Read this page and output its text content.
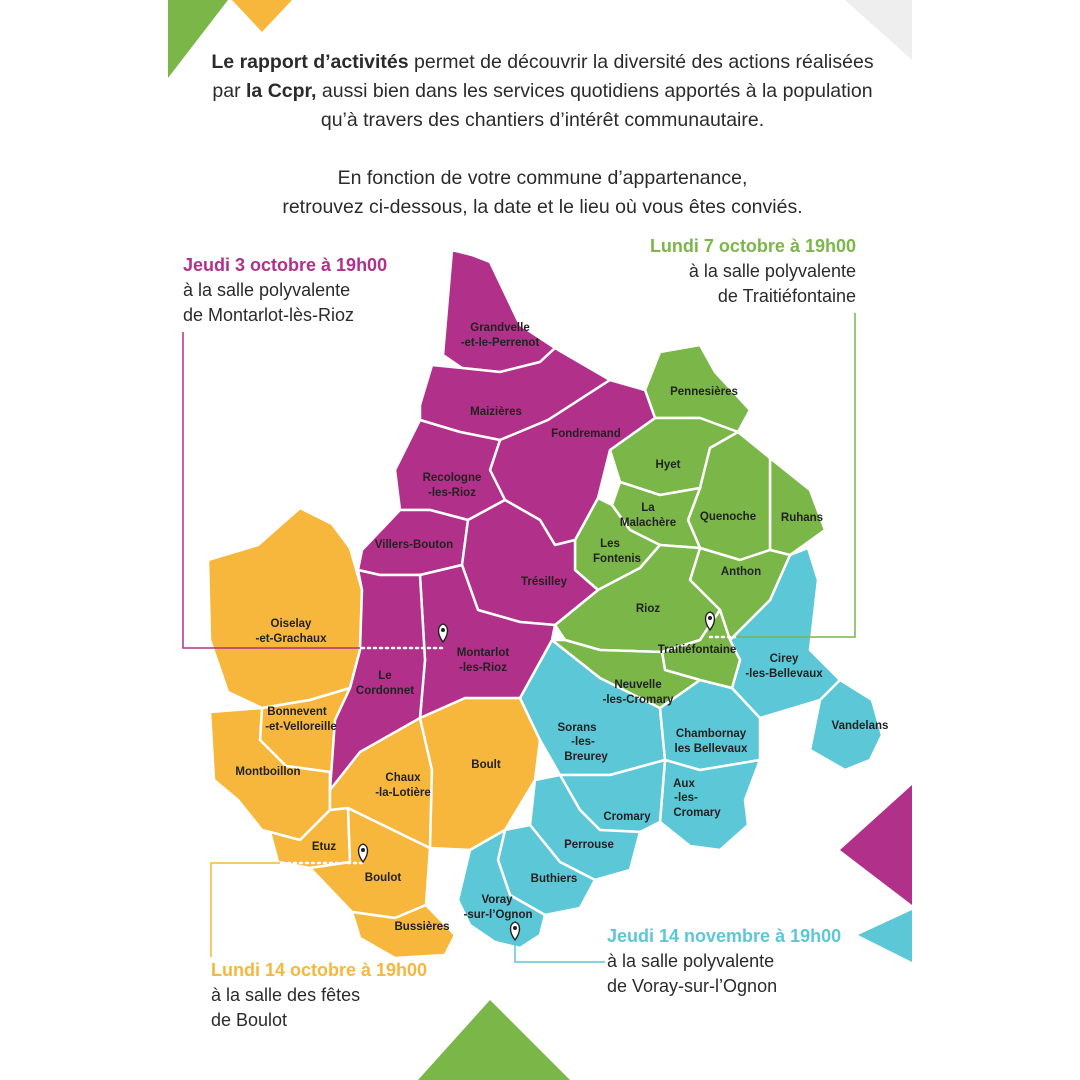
Grandvelle
-et-le-Perrenot
Maizières
Fondremand
Recologne
-les-Rioz
Villers-Bouton
Trésilley
Montarlot
-les-Rioz
Le
Cordonnet
Pennesières
Hyet
La
Malachère Quenoche Ruhans
Les
Fontenis
Anthon
Rioz
Traitiéfontaine
Neuvelle
-les-Cromary
Cirey
-les-Bellevaux
Vandelans
Chambornay
les Bellevaux
Sorans
-les-
Breurey
Aux
-les-
Cromary
Cromary
Perrouse
Buthiers
Voray
-sur-l’Ognon
Oiselay
-et-Grachaux
Bonnevent
-et-Velloreille
Montboillon	Chaux
-la-Lotière
Boult
Etuz
Boulot
Bussières
Le rapport d’activités permet de découvrir la diversité des actions réalisées
par la Ccpr, aussi bien dans les services quotidiens apportés à la population
qu’à travers des chantiers d’intérêt communautaire.
En fonction de votre commune d’appartenance,
retrouvez ci-dessous, la date et le lieu où vous êtes conviés.
Jeudi 3 octobre à 19h00
à la salle polyvalente
de Montarlot-lès-Rioz
Lundi 7 octobre à 19h00
à la salle polyvalente
de Traitiéfontaine
Lundi 14 octobre à 19h00
à la salle des fêtes
de Boulot
Jeudi 14 novembre à 19h00
à la salle polyvalente
de Voray-sur-l’Ognon
